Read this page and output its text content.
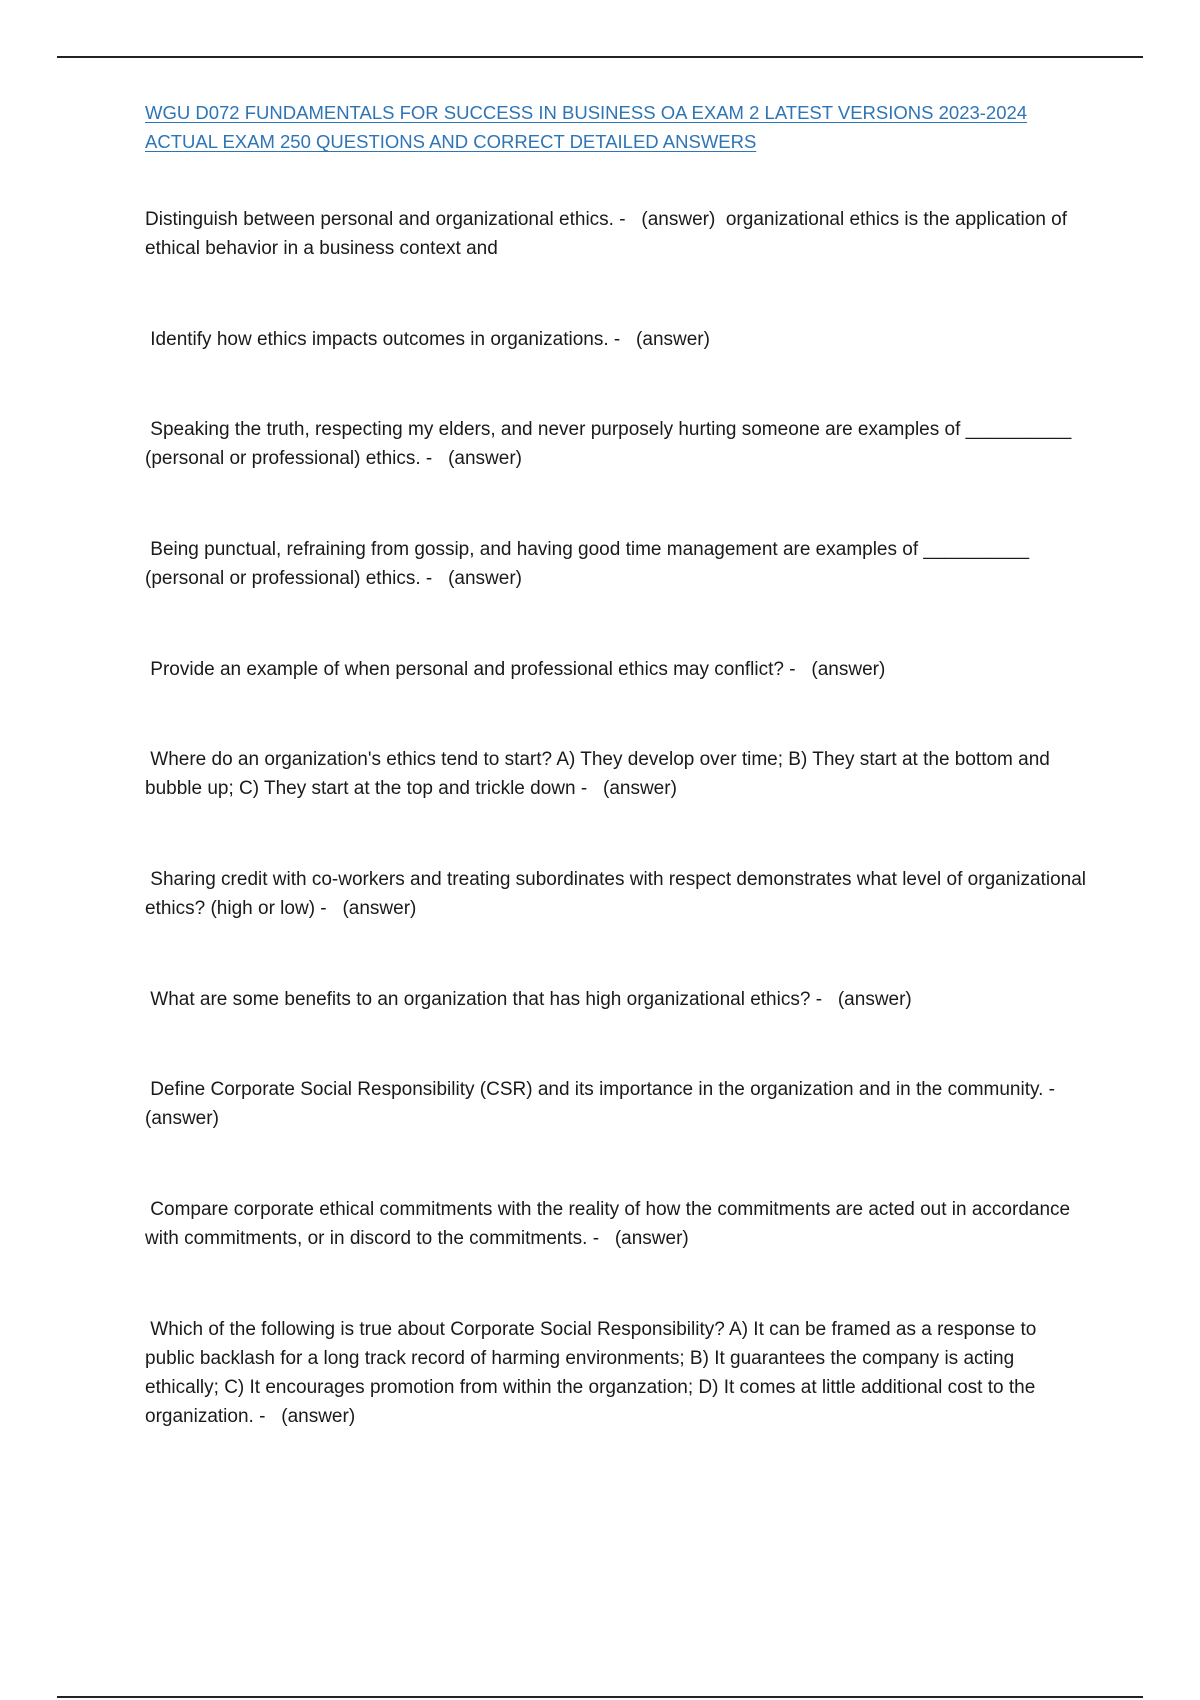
WGU D072 FUNDAMENTALS FOR SUCCESS IN BUSINESS OA EXAM 2 LATEST VERSIONS 2023-2024
ACTUAL EXAM 250 QUESTIONS AND CORRECT DETAILED ANSWERS
Distinguish between personal and organizational ethics. -   (answer)  organizational ethics is the application of ethical behavior in a business context and
Identify how ethics impacts outcomes in organizations. -   (answer)
Speaking the truth, respecting my elders, and never purposely hurting someone are examples of __________ (personal or professional) ethics. -   (answer)
Being punctual, refraining from gossip, and having good time management are examples of __________ (personal or professional) ethics. -   (answer)
Provide an example of when personal and professional ethics may conflict? -   (answer)
Where do an organization's ethics tend to start? A) They develop over time; B) They start at the bottom and bubble up; C) They start at the top and trickle down -   (answer)
Sharing credit with co-workers and treating subordinates with respect demonstrates what level of organizational ethics? (high or low) -   (answer)
What are some benefits to an organization that has high organizational ethics? -   (answer)
Define Corporate Social Responsibility (CSR) and its importance in the organization and in the community. -   (answer)
Compare corporate ethical commitments with the reality of how the commitments are acted out in accordance with commitments, or in discord to the commitments. -   (answer)
Which of the following is true about Corporate Social Responsibility? A) It can be framed as a response to public backlash for a long track record of harming environments; B) It guarantees the company is acting ethically; C) It encourages promotion from within the organzation; D) It comes at little additional cost to the organization. -   (answer)
